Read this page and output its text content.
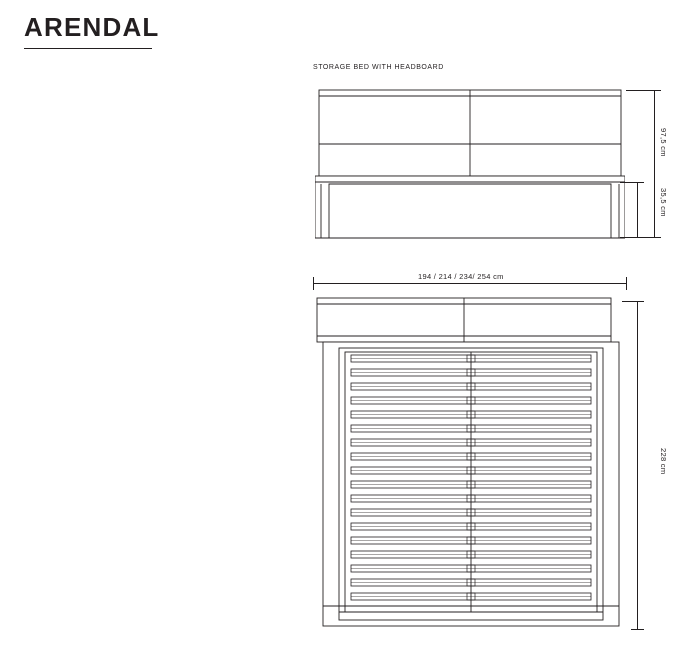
ARENDAL
STORAGE BED WITH HEADBOARD
97,5 cm
35,5 cm
194 / 214 / 234/ 254 cm
228 cm
